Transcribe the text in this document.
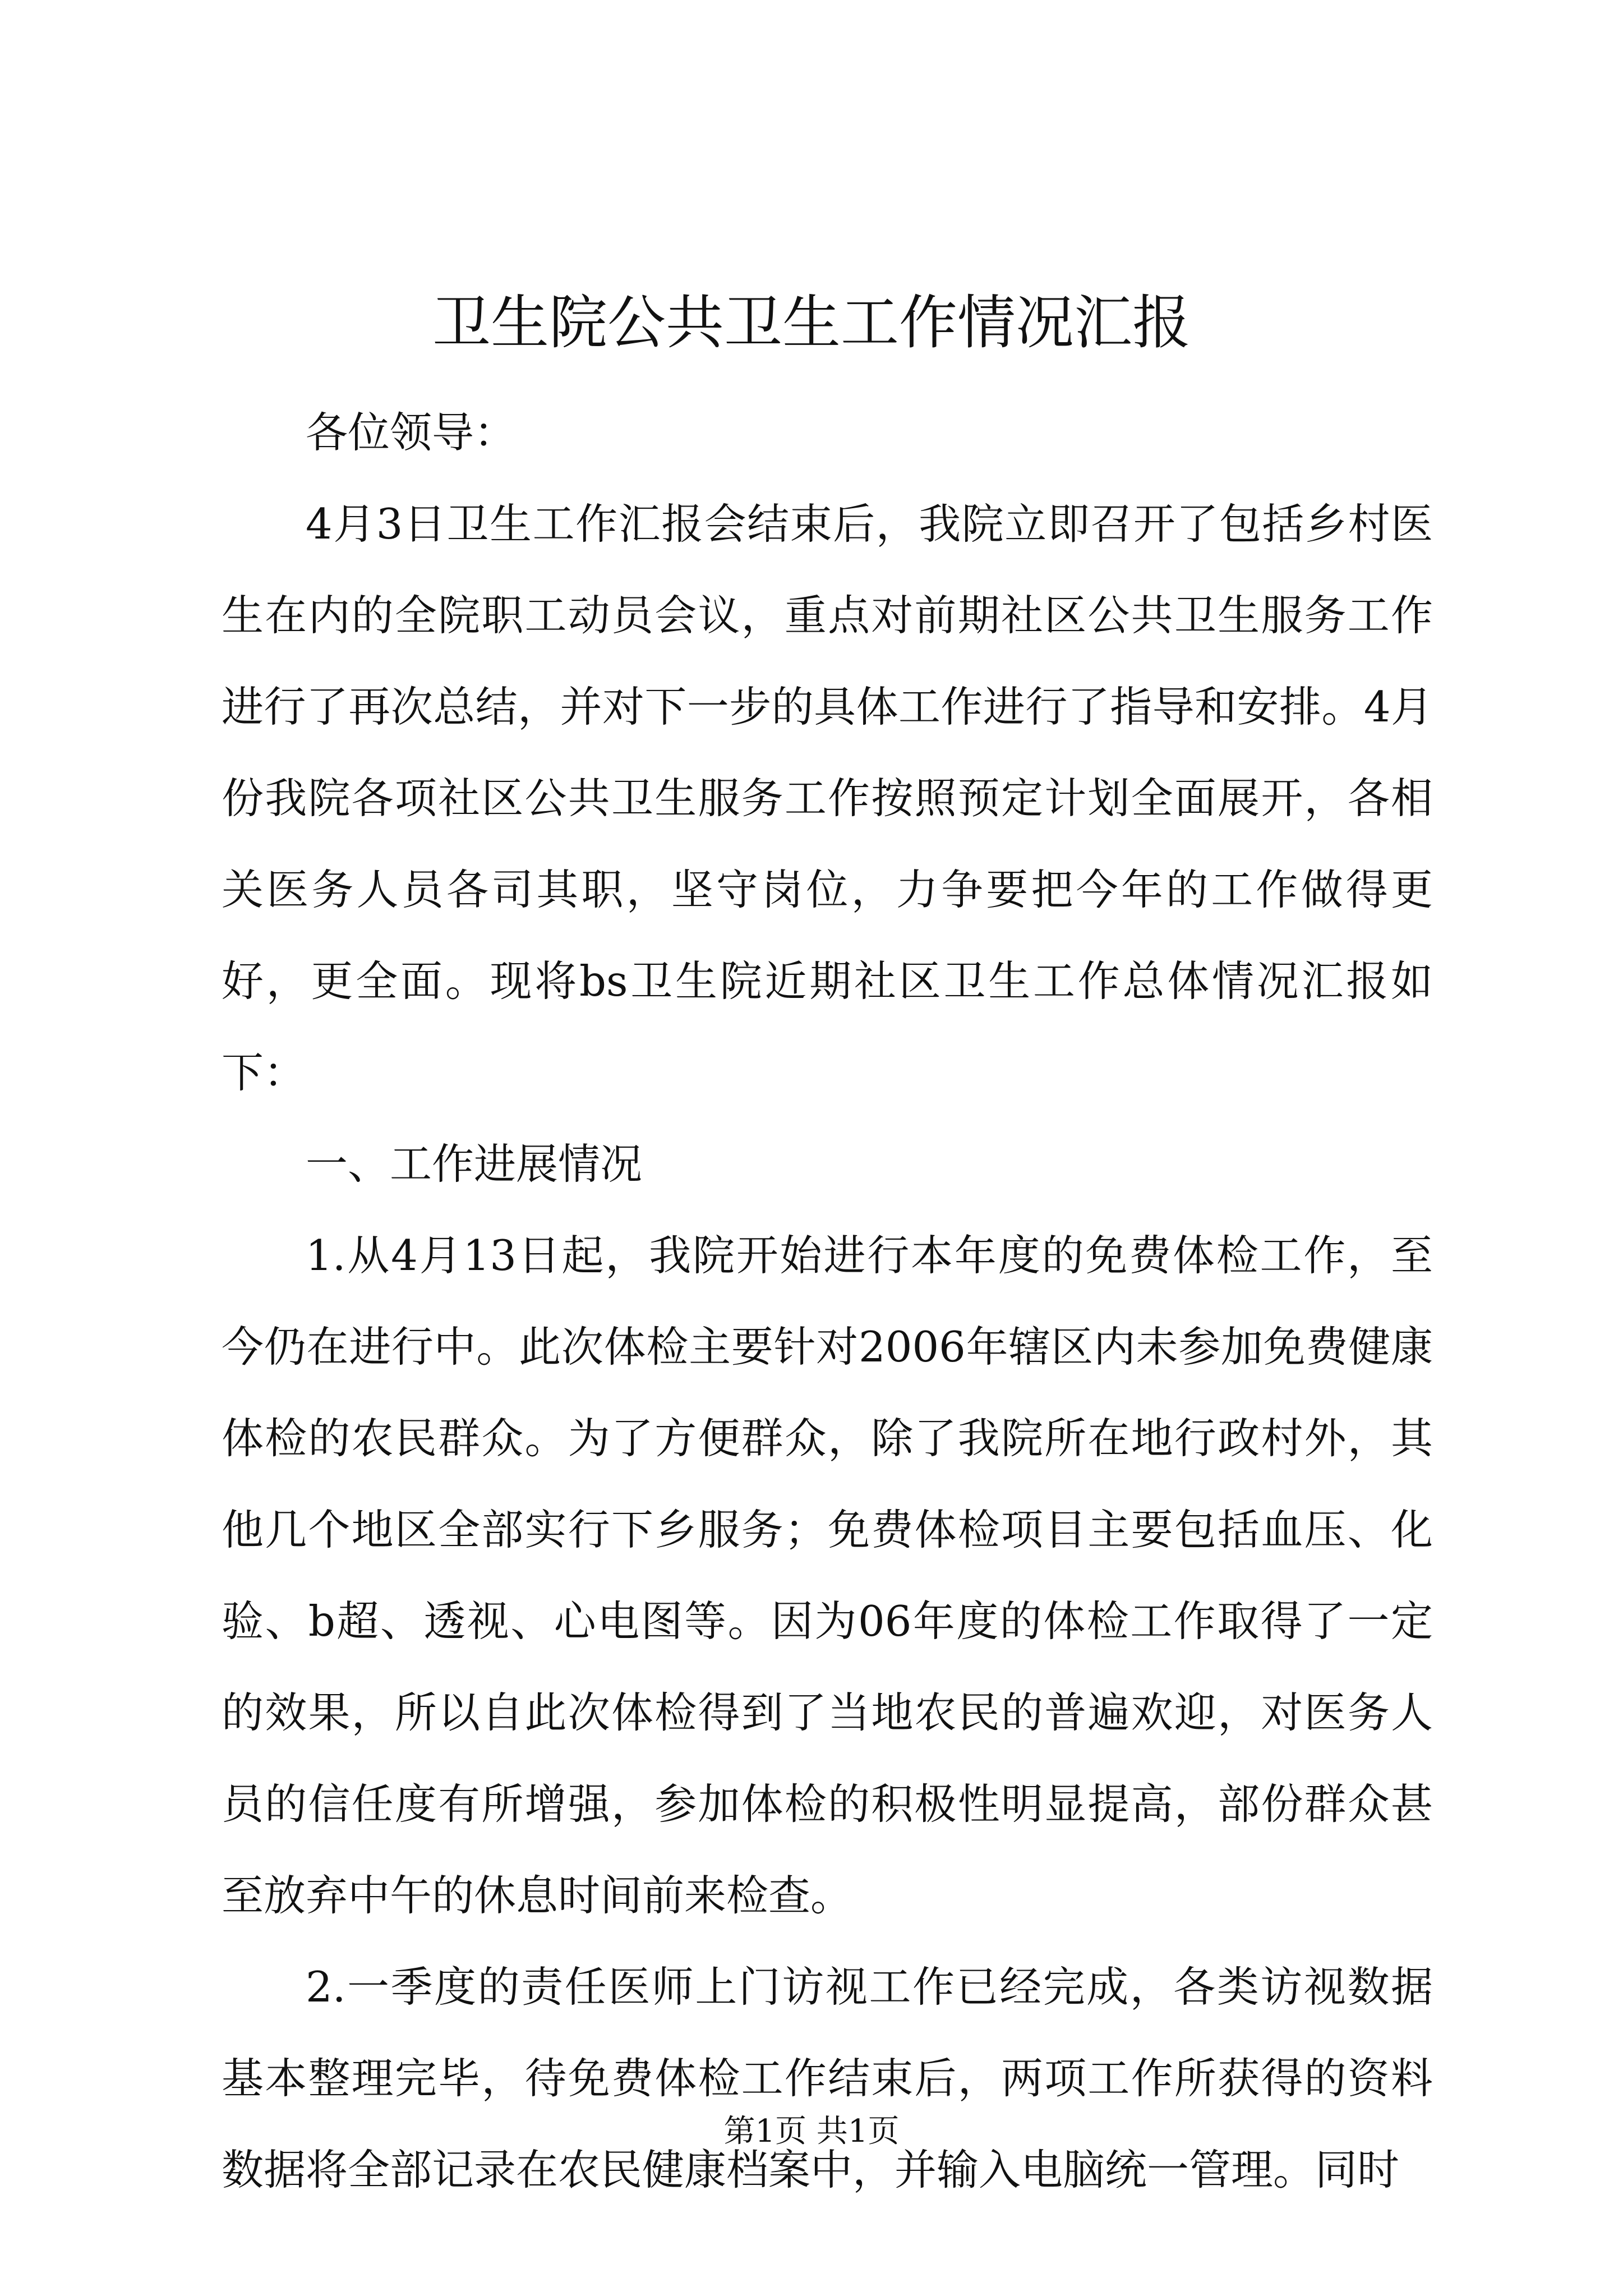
卫生院公共卫生工作情况汇报

各位领导：

4月3日卫生工作汇报会结束后，我院立即召开了包括乡村医生在内的全院职工动员会议，重点对前期社区公共卫生服务工作进行了再次总结，并对下一步的具体工作进行了指导和安排。4月份我院各项社区公共卫生服务工作按照预定计划全面展开，各相关医务人员各司其职，坚守岗位，力争要把今年的工作做得更好，更全面。现将bs卫生院近期社区卫生工作总体情况汇报如下：

一、工作进展情况

1.从4月13日起，我院开始进行本年度的免费体检工作，至今仍在进行中。此次体检主要针对2006年辖区内未参加免费健康体检的农民群众。为了方便群众，除了我院所在地行政村外，其他几个地区全部实行下乡服务；免费体检项目主要包括血压、化验、b超、透视、心电图等。因为06年度的体检工作取得了一定的效果，所以自此次体检得到了当地农民的普遍欢迎，对医务人员的信任度有所增强，参加体检的积极性明显提高，部份群众甚至放弃中午的休息时间前来检查。

2.一季度的责任医师上门访视工作已经完成，各类访视数据基本整理完毕，待免费体检工作结束后，两项工作所获得的资料数据将全部记录在农民健康档案中，并输入电脑统一管理。同时

第1页 共1页
